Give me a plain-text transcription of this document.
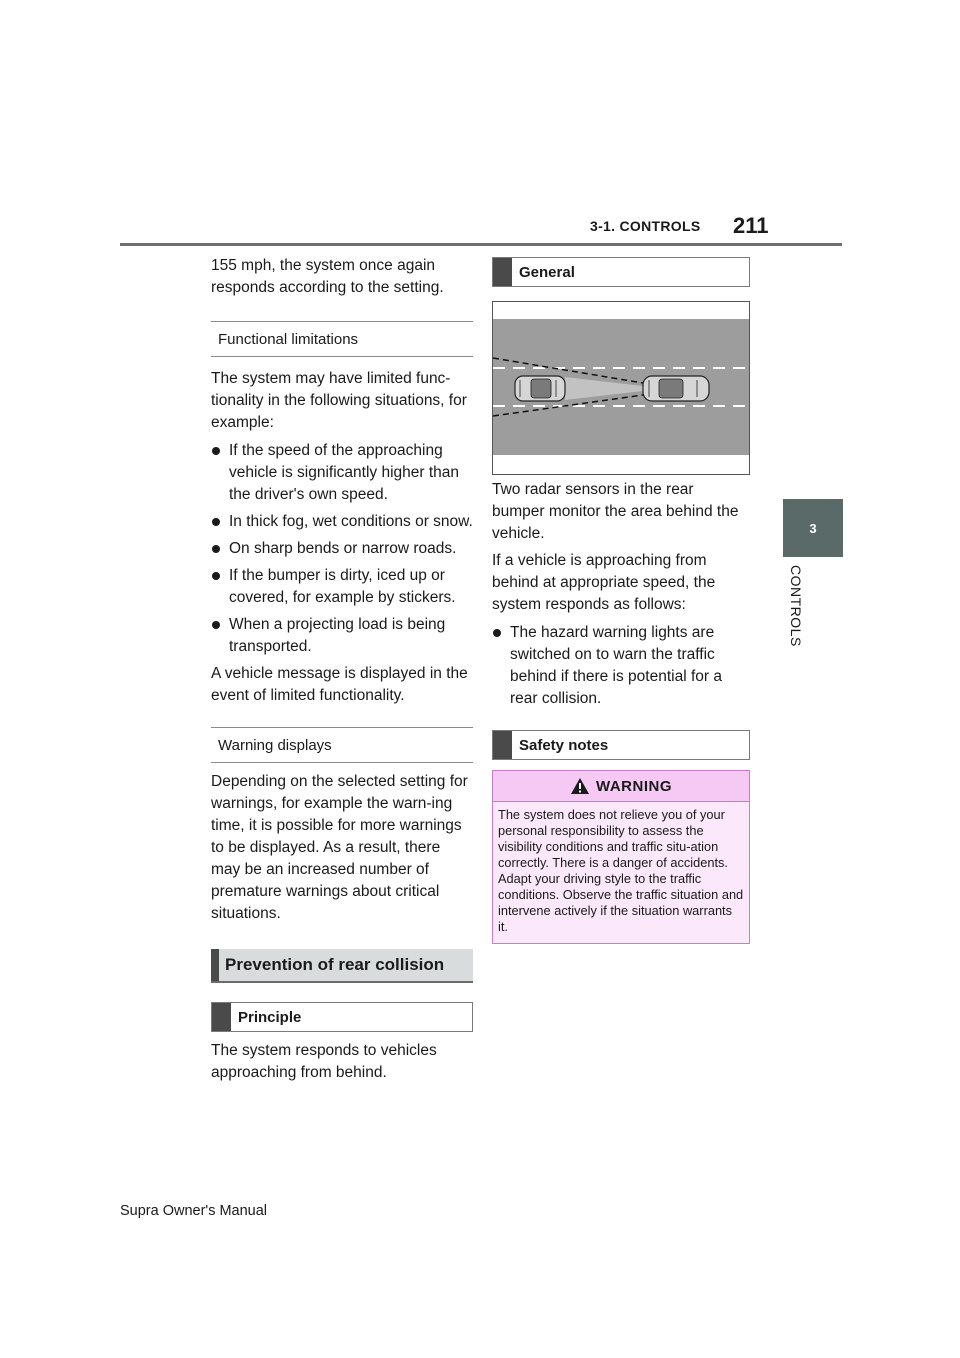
3-1. CONTROLS 211
3
CONTROLS

155 mph, the system once again responds according to the setting.

Functional limitations

The system may have limited func-tionality in the following situations, for example:

If the speed of the approaching vehicle is significantly higher than the driver's own speed.
In thick fog, wet conditions or snow.
On sharp bends or narrow roads.
If the bumper is dirty, iced up or covered, for example by stickers.
When a projecting load is being transported.

A vehicle message is displayed in the event of limited functionality.

Warning displays

Depending on the selected setting for warnings, for example the warn-ing time, it is possible for more warnings to be displayed. As a result, there may be an increased number of premature warnings about critical situations.

Prevention of rear collision
Principle

The system responds to vehicles approaching from behind.

General

Two radar sensors in the rear bumper monitor the area behind the vehicle.

If a vehicle is approaching from behind at appropriate speed, the system responds as follows:

The hazard warning lights are switched on to warn the traffic behind if there is potential for a rear collision.
Safety notes
WARNING
The system does not relieve you of your personal responsibility to assess the visibility conditions and traffic situ-ation correctly. There is a danger of accidents. Adapt your driving style to the traffic conditions. Observe the traffic situation and intervene actively if the situation warrants it.
Supra Owner's Manual
